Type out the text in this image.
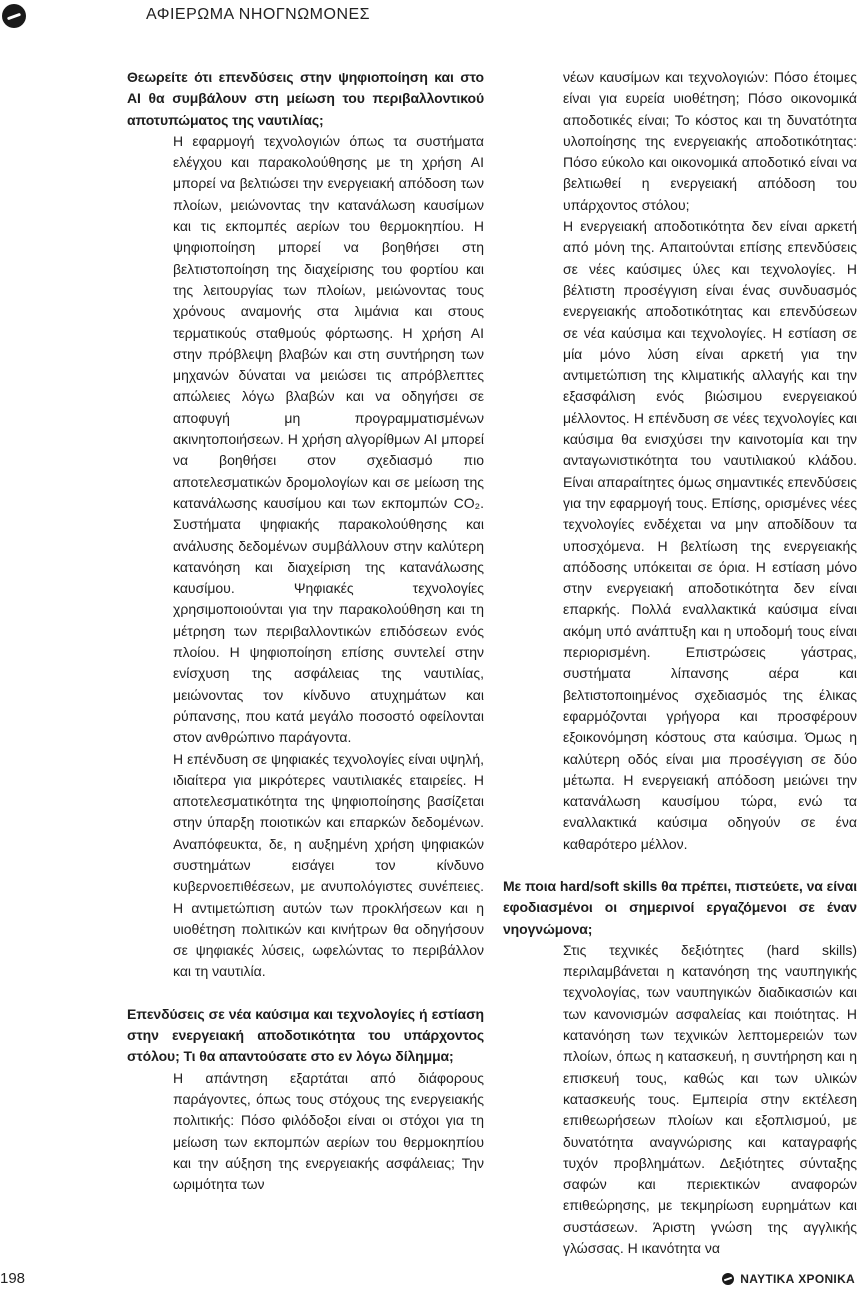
ΑΦΙΕΡΩΜΑ ΝΗΟΓΝΩΜΟΝΕΣ

Θεωρείτε ότι επενδύσεις στην ψηφιοποίηση και στο AI θα συμβάλουν στη μείωση του περιβαλλοντικού αποτυπώματος της ναυτιλίας;

Η εφαρμογή τεχνολογιών όπως τα συστήματα ελέγχου και παρακολούθησης με τη χρήση AI μπορεί να βελτιώσει την ενεργειακή απόδοση των πλοίων, μειώνοντας την κατανάλωση καυσίμων και τις εκπομπές αερίων του θερμοκηπίου. Η ψηφιοποίηση μπορεί να βοηθήσει στη βελτιστοποίηση της διαχείρισης του φορτίου και της λειτουργίας των πλοίων, μειώνοντας τους χρόνους αναμονής στα λιμάνια και στους τερματικούς σταθμούς φόρτωσης. Η χρήση AI στην πρόβλεψη βλαβών και στη συντήρηση των μηχανών δύναται να μειώσει τις απρόβλεπτες απώλειες λόγω βλαβών και να οδηγήσει σε αποφυγή μη προγραμματισμένων ακινητοποιήσεων. Η χρήση αλγορίθμων AI μπορεί να βοηθήσει στον σχεδιασμό πιο αποτελεσματικών δρομολογίων και σε μείωση της κατανάλωσης καυσίμου και των εκπομπών CO₂. Συστήματα ψηφιακής παρακολούθησης και ανάλυσης δεδομένων συμβάλλουν στην καλύτερη κατανόηση και διαχείριση της κατανάλωσης καυσίμου. Ψηφιακές τεχνολογίες χρησιμοποιούνται για την παρακολούθηση και τη μέτρηση των περιβαλλοντικών επιδόσεων ενός πλοίου. Η ψηφιοποίηση επίσης συντελεί στην ενίσχυση της ασφάλειας της ναυτιλίας, μειώνοντας τον κίνδυνο ατυχημάτων και ρύπανσης, που κατά μεγάλο ποσοστό οφείλονται στον ανθρώπινο παράγοντα.

Η επένδυση σε ψηφιακές τεχνολογίες είναι υψηλή, ιδιαίτερα για μικρότερες ναυτιλιακές εταιρείες. Η αποτελεσματικότητα της ψηφιοποίησης βασίζεται στην ύπαρξη ποιοτικών και επαρκών δεδομένων. Αναπόφευκτα, δε, η αυξημένη χρήση ψηφιακών συστημάτων εισάγει τον κίνδυνο κυβερνοεπιθέσεων, με ανυπολόγιστες συνέπειες. Η αντιμετώπιση αυτών των προκλήσεων και η υιοθέτηση πολιτικών και κινήτρων θα οδηγήσουν σε ψηφιακές λύσεις, ωφελώντας το περιβάλλον και τη ναυτιλία.

Επενδύσεις σε νέα καύσιμα και τεχνολογίες ή εστίαση στην ενεργειακή αποδοτικότητα του υπάρχοντος στόλου; Τι θα απαντούσατε στο εν λόγω δίλημμα;

Η απάντηση εξαρτάται από διάφορους παράγοντες, όπως τους στόχους της ενεργειακής πολιτικής: Πόσο φιλόδοξοι είναι οι στόχοι για τη μείωση των εκπομπών αερίων του θερμοκηπίου και την αύξηση της ενεργειακής ασφάλειας; Την ωριμότητα των

νέων καυσίμων και τεχνολογιών: Πόσο έτοιμες είναι για ευρεία υιοθέτηση; Πόσο οικονομικά αποδοτικές είναι; Το κόστος και τη δυνατότητα υλοποίησης της ενεργειακής αποδοτικότητας: Πόσο εύκολο και οικονομικά αποδοτικό είναι να βελτιωθεί η ενεργειακή απόδοση του υπάρχοντος στόλου;

Η ενεργειακή αποδοτικότητα δεν είναι αρκετή από μόνη της. Απαιτούνται επίσης επενδύσεις σε νέες καύσιμες ύλες και τεχνολογίες. Η βέλτιστη προσέγγιση είναι ένας συνδυασμός ενεργειακής αποδοτικότητας και επενδύσεων σε νέα καύσιμα και τεχνολογίες. Η εστίαση σε μία μόνο λύση είναι αρκετή για την αντιμετώπιση της κλιματικής αλλαγής και την εξασφάλιση ενός βιώσιμου ενεργειακού μέλλοντος. Η επένδυση σε νέες τεχνολογίες και καύσιμα θα ενισχύσει την καινοτομία και την ανταγωνιστικότητα του ναυτιλιακού κλάδου. Είναι απαραίτητες όμως σημαντικές επενδύσεις για την εφαρμογή τους. Επίσης, ορισμένες νέες τεχνολογίες ενδέχεται να μην αποδίδουν τα υποσχόμενα. Η βελτίωση της ενεργειακής απόδοσης υπόκειται σε όρια. Η εστίαση μόνο στην ενεργειακή αποδοτικότητα δεν είναι επαρκής. Πολλά εναλλακτικά καύσιμα είναι ακόμη υπό ανάπτυξη και η υποδομή τους είναι περιορισμένη. Επιστρώσεις γάστρας, συστήματα λίπανσης αέρα και βελτιστοποιημένος σχεδιασμός της έλικας εφαρμόζονται γρήγορα και προσφέρουν εξοικονόμηση κόστους στα καύσιμα. Όμως η καλύτερη οδός είναι μια προσέγγιση σε δύο μέτωπα. Η ενεργειακή απόδοση μειώνει την κατανάλωση καυσίμου τώρα, ενώ τα εναλλακτικά καύσιμα οδηγούν σε ένα καθαρότερο μέλλον.

Με ποια hard/soft skills θα πρέπει, πιστεύετε, να είναι εφοδιασμένοι οι σημερινοί εργαζόμενοι σε έναν νηογνώμονα;

Στις τεχνικές δεξιότητες (hard skills) περιλαμβάνεται η κατανόηση της ναυπηγικής τεχνολογίας, των ναυπηγικών διαδικασιών και των κανονισμών ασφαλείας και ποιότητας. Η κατανόηση των τεχνικών λεπτομερειών των πλοίων, όπως η κατασκευή, η συντήρηση και η επισκευή τους, καθώς και των υλικών κατασκευής τους. Εμπειρία στην εκτέλεση επιθεωρήσεων πλοίων και εξοπλισμού, με δυνατότητα αναγνώρισης και καταγραφής τυχόν προβλημάτων. Δεξιότητες σύνταξης σαφών και περιεκτικών αναφορών επιθεώρησης, με τεκμηρίωση ευρημάτων και συστάσεων. Άριστη γνώση της αγγλικής γλώσσας. Η ικανότητα να

198	ΝΑΥΤΙΚΑ ΧΡΟΝΙΚΑ
